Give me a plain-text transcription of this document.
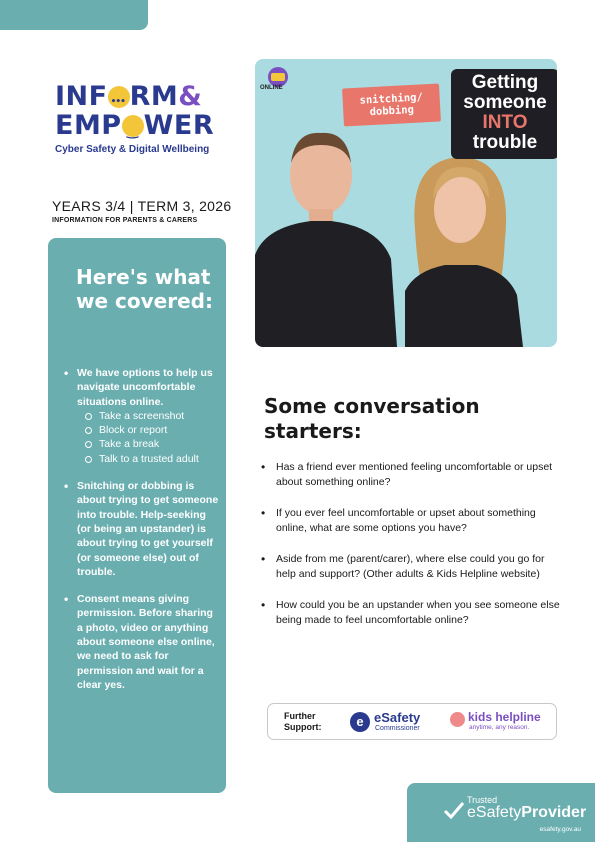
INF••• RM&
EMP‿ WER
Cyber Safety & Digital Wellbeing
YEARS 3/4 | TERM 3, 2026
INFORMATION FOR PARENTS & CARERS
Here's what we covered:
• We have options to help us navigate uncomfortable situations online.
Take a screenshot
Block or report
Take a break
Talk to a trusted adult
• Snitching or dobbing is about trying to get someone into trouble. Help-seeking (or being an upstander) is about trying to get yourself (or someone else) out of trouble.
• Consent means giving permission. Before sharing a photo, video or anything about someone else online, we need to ask for permission and wait for a clear yes.
ONLINE
snitching/ dobbing
Getting someone
INTO
trouble
Some conversation starters:
• Has a friend ever mentioned feeling uncomfortable or upset about something online?
• If you ever feel uncomfortable or upset about something online, what are some options you have?
• Aside from me (parent/carer), where else could you go for help and support? (Other adults & Kids Helpline website)
• How could you be an upstander when you see someone else being made to feel uncomfortable online?
Further Support:	e eSafety
Commissioner
kids helpline
anytime, any reason.
Trusted
eSafetyProvider
esafety.gov.au
